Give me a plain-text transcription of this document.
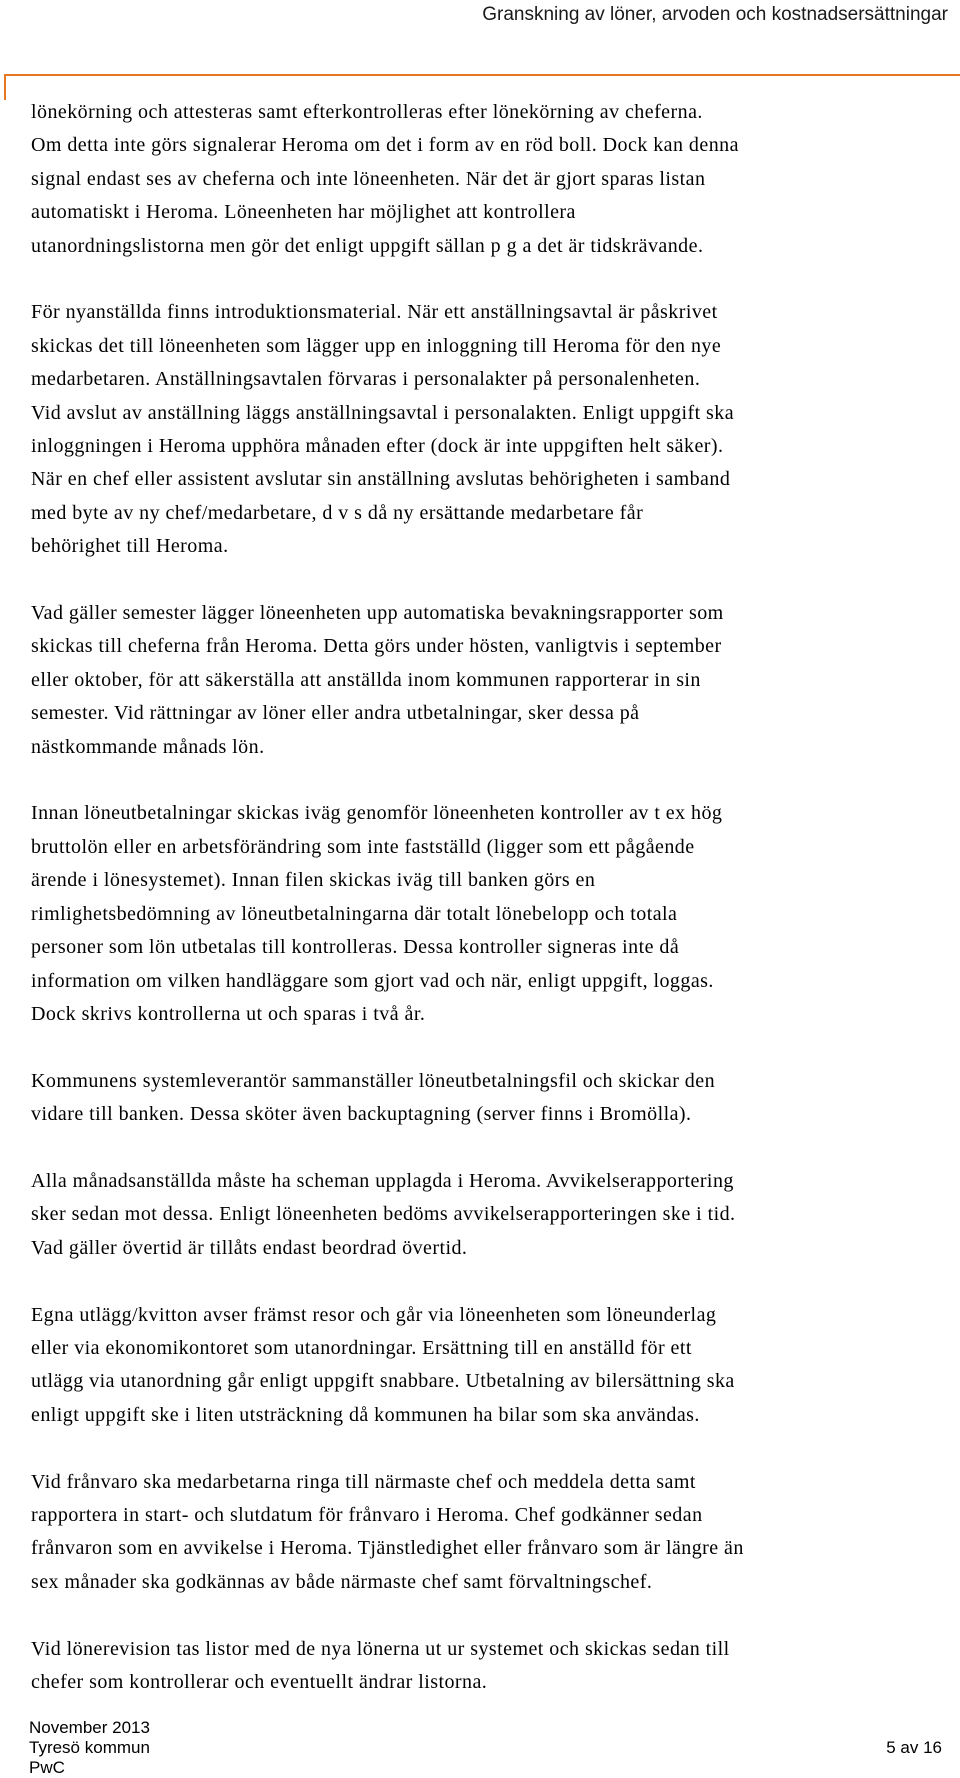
Granskning av löner, arvoden och kostnadsersättningar

lönekörning och attesteras samt efterkontrolleras efter lönekörning av cheferna.
Om detta inte görs signalerar Heroma om det i form av en röd boll. Dock kan denna
signal endast ses av cheferna och inte löneenheten. När det är gjort sparas listan
automatiskt i Heroma. Löneenheten har möjlighet att kontrollera
utanordningslistorna men gör det enligt uppgift sällan p g a det är tidskrävande.

För nyanställda finns introduktionsmaterial. När ett anställningsavtal är påskrivet
skickas det till löneenheten som lägger upp en inloggning till Heroma för den nye
medarbetaren. Anställningsavtalen förvaras i personalakter på personalenheten.
Vid avslut av anställning läggs anställningsavtal i personalakten. Enligt uppgift ska
inloggningen i Heroma upphöra månaden efter (dock är inte uppgiften helt säker).
När en chef eller assistent avslutar sin anställning avslutas behörigheten i samband
med byte av ny chef/medarbetare, d v s då ny ersättande medarbetare får
behörighet till Heroma.

Vad gäller semester lägger löneenheten upp automatiska bevakningsrapporter som
skickas till cheferna från Heroma. Detta görs under hösten, vanligtvis i september
eller oktober, för att säkerställa att anställda inom kommunen rapporterar in sin
semester. Vid rättningar av löner eller andra utbetalningar, sker dessa på
nästkommande månads lön.

Innan löneutbetalningar skickas iväg genomför löneenheten kontroller av t ex hög
bruttolön eller en arbetsförändring som inte fastställd (ligger som ett pågående
ärende i lönesystemet). Innan filen skickas iväg till banken görs en
rimlighetsbedömning av löneutbetalningarna där totalt lönebelopp och totala
personer som lön utbetalas till kontrolleras. Dessa kontroller signeras inte då
information om vilken handläggare som gjort vad och när, enligt uppgift, loggas.
Dock skrivs kontrollerna ut och sparas i två år.

Kommunens systemleverantör sammanställer löneutbetalningsfil och skickar den
vidare till banken. Dessa sköter även backuptagning (server finns i Bromölla).

Alla månadsanställda måste ha scheman upplagda i Heroma. Avvikelserapportering
sker sedan mot dessa. Enligt löneenheten bedöms avvikelserapporteringen ske i tid.
Vad gäller övertid är tillåts endast beordrad övertid.

Egna utlägg/kvitton avser främst resor och går via löneenheten som löneunderlag
eller via ekonomikontoret som utanordningar. Ersättning till en anställd för ett
utlägg via utanordning går enligt uppgift snabbare. Utbetalning av bilersättning ska
enligt uppgift ske i liten utsträckning då kommunen ha bilar som ska användas.

Vid frånvaro ska medarbetarna ringa till närmaste chef och meddela detta samt
rapportera in start- och slutdatum för frånvaro i Heroma. Chef godkänner sedan
frånvaron som en avvikelse i Heroma. Tjänstledighet eller frånvaro som är längre än
sex månader ska godkännas av både närmaste chef samt förvaltningschef.

Vid lönerevision tas listor med de nya lönerna ut ur systemet och skickas sedan till
chefer som kontrollerar och eventuellt ändrar listorna.

November 2013
Tyresö kommun
PwC
5 av 16
